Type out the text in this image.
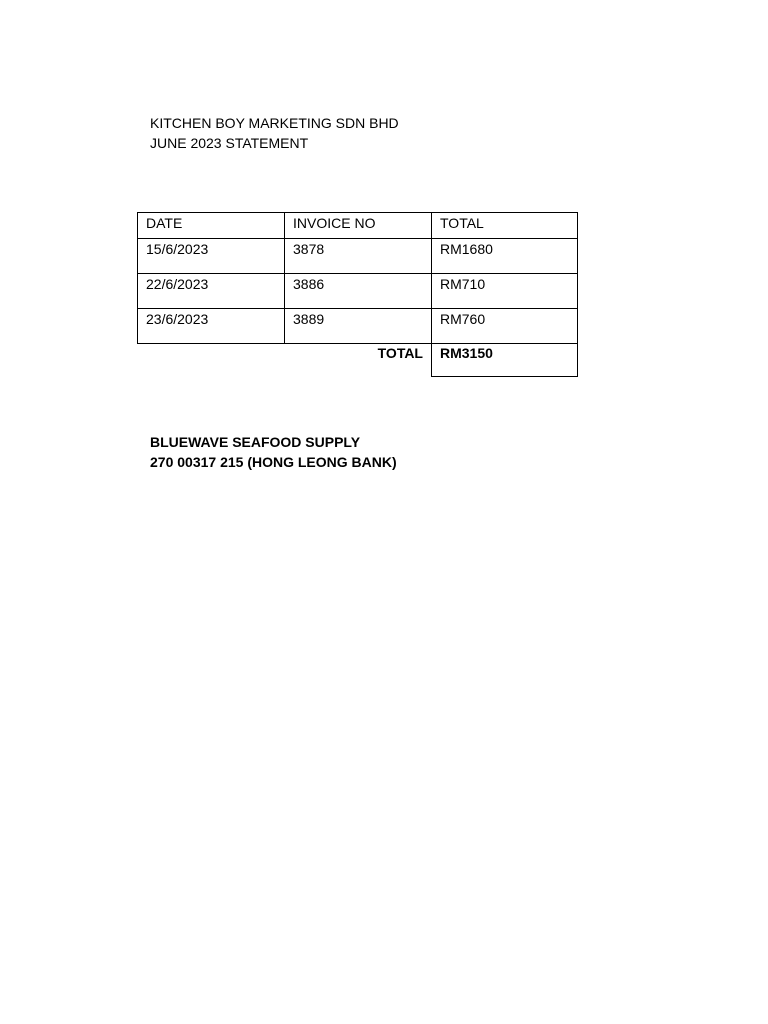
KITCHEN BOY MARKETING SDN BHD
JUNE 2023 STATEMENT
DATE	INVOICE NO	TOTAL
15/6/2023	3878	RM1680
22/6/2023	3886	RM710
23/6/2023	3889	RM760
TOTAL		RM3150
BLUEWAVE SEAFOOD SUPPLY
270 00317 215 (HONG LEONG BANK)
